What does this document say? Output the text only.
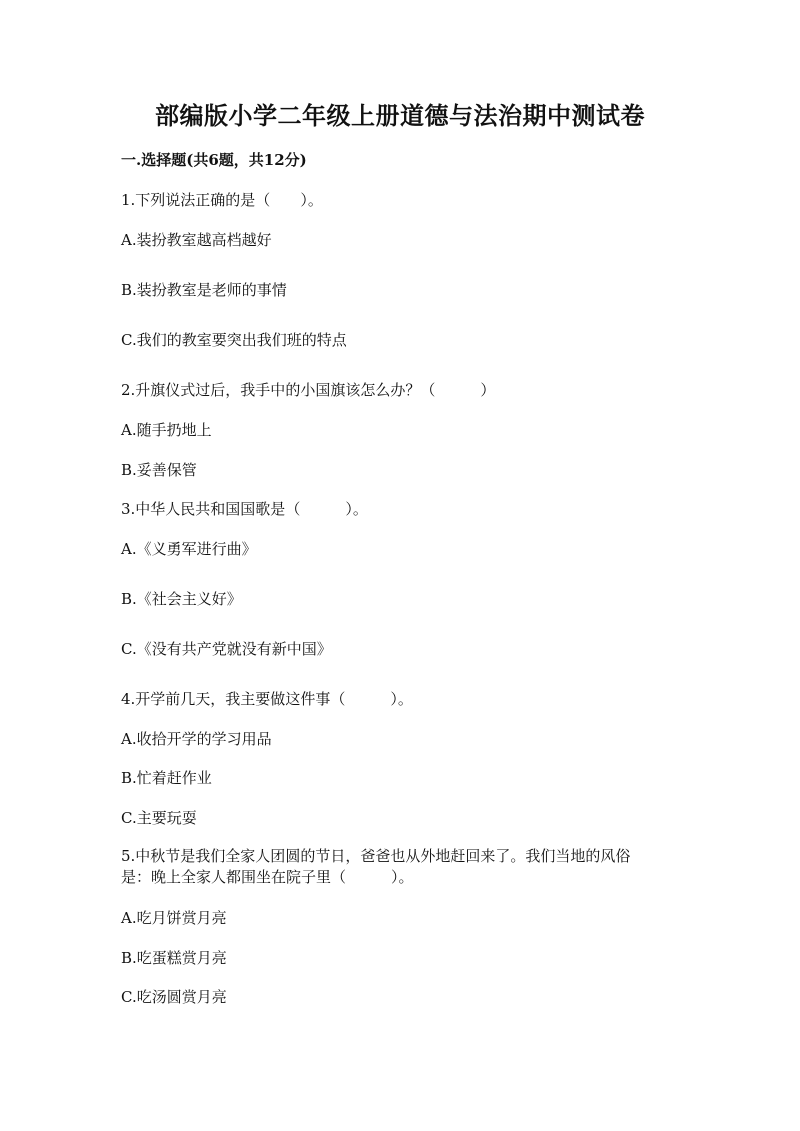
部编版小学二年级上册道德与法治期中测试卷
一.选择题(共6题，共12分)
1.下列说法正确的是（　　）。
A.装扮教室越高档越好
B.装扮教室是老师的事情
C.我们的教室要突出我们班的特点
2.升旗仪式过后，我手中的小国旗该怎么办？（　　　）
A.随手扔地上
B.妥善保管
3.中华人民共和国国歌是（　　　）。
A.《义勇军进行曲》
B.《社会主义好》
C.《没有共产党就没有新中国》
4.开学前几天，我主要做这件事（　　　）。
A.收拾开学的学习用品
B.忙着赶作业
C.主要玩耍
5.中秋节是我们全家人团圆的节日，爸爸也从外地赶回来了。我们当地的风俗
是：晚上全家人都围坐在院子里（　　　）。
A.吃月饼赏月亮
B.吃蛋糕赏月亮
C.吃汤圆赏月亮
